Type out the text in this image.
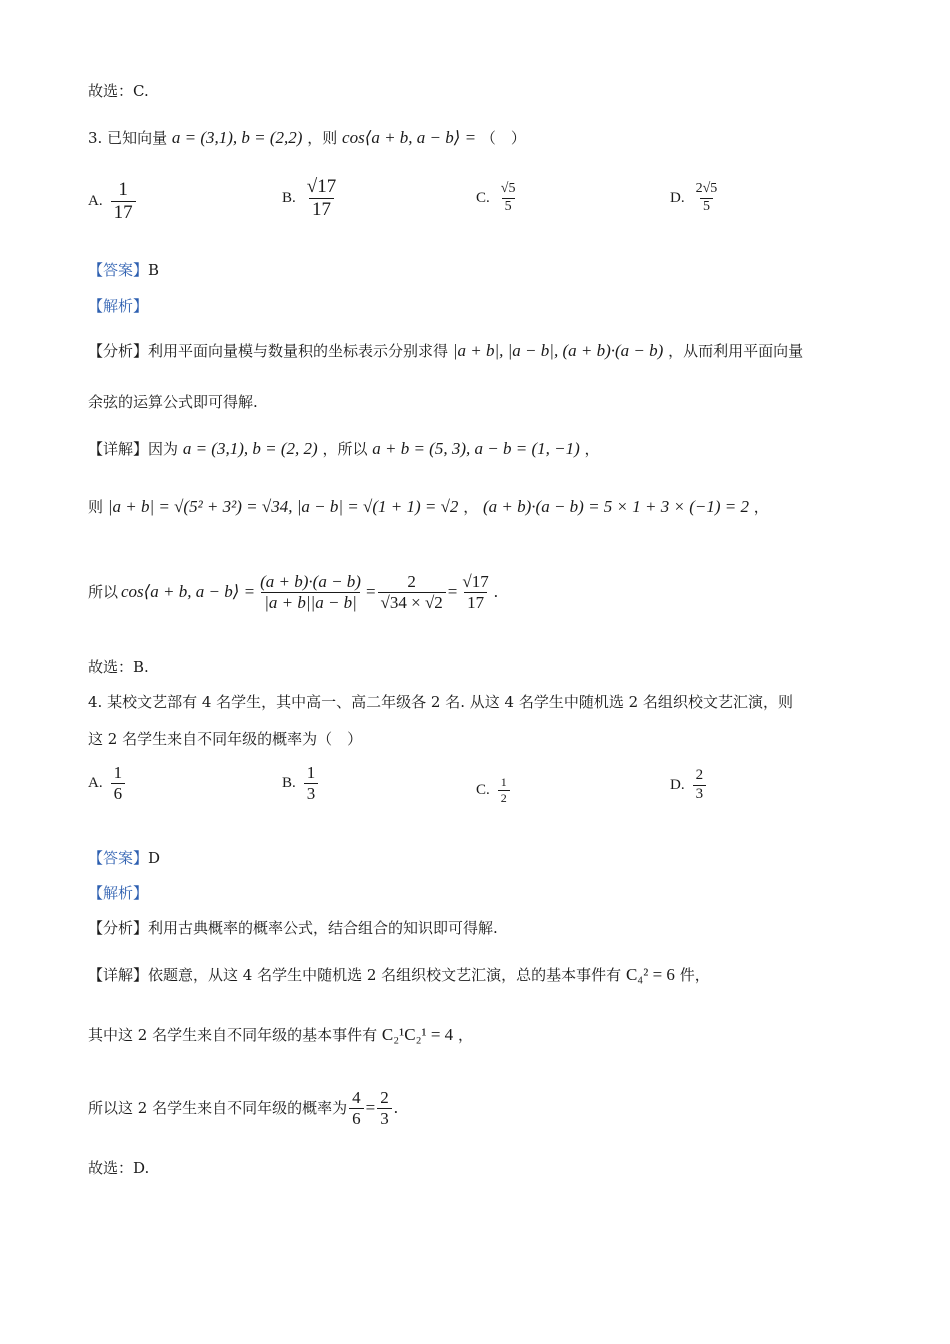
故选：C.
3. 已知向量 a = (3,1), b = (2,2) ，则 cos⟨a + b, a − b⟩ = （　）
A. $\frac{1}{17}$	B. $\frac{√17}{17}$	C. $\frac{√5}{5}$	D. $\frac{2√5}{5}$
【答案】B
【解析】
【分析】利用平面向量模与数量积的坐标表示分别求得 |a + b|, |a − b|, (a + b)·(a − b) ，从而利用平面向量
余弦的运算公式即可得解.
【详解】因为 a = (3,1), b = (2, 2) ，所以 a + b = (5, 3), a − b = (1, −1) ，
则 |a + b| = √(5² + 3²) = √34, |a − b| = √(1 + 1) = √2 ， (a + b)·(a − b) = 5 × 1 + 3 × (−1) = 2 ，
所以 cos⟨a + b, a − b⟩ = $\frac{(a + b)\cdot(a - b)}{|a + b||a - b|} = \frac{2}{√34 \times √2} = \frac{√17}{17}$ .
故选：B.
4. 某校文艺部有 4 名学生，其中高一、高二年级各 2 名. 从这 4 名学生中随机选 2 名组织校文艺汇演，则
这 2 名学生来自不同年级的概率为（　）
A. $\frac{1}{6}$	B. $\frac{1}{3}$	C. $\frac{1}{2}$	D. $\frac{2}{3}$
【答案】D
【解析】
【分析】利用古典概率的概率公式，结合组合的知识即可得解.
【详解】依题意，从这 4 名学生中随机选 2 名组织校文艺汇演，总的基本事件有 C₄² = 6 件，
其中这 2 名学生来自不同年级的基本事件有 C₂¹C₂¹ = 4 ，
所以这 2 名学生来自不同年级的概率为 $\frac{4}{6} = \frac{2}{3}$ .
故选：D.
